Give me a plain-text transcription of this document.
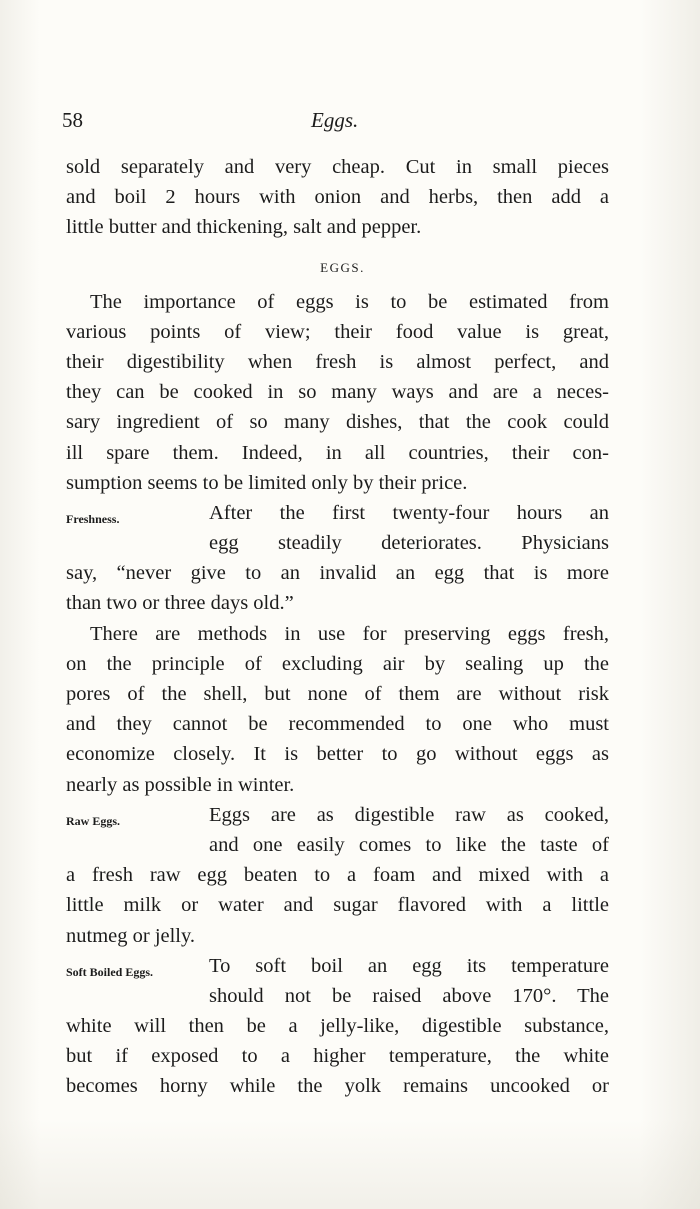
58	Eggs.
sold separately and very cheap. Cut in small pieces
and boil 2 hours with onion and herbs, then add a
little butter and thickening, salt and pepper.
EGGS.
The importance of eggs is to be estimated from
various points of view; their food value is great,
their digestibility when fresh is almost perfect, and
they can be cooked in so many ways and are a neces-
sary ingredient of so many dishes, that the cook could
ill spare them. Indeed, in all countries, their con-
sumption seems to be limited only by their price.
Freshness.	After the first twenty-four hours an
egg steadily deteriorates. Physicians
say, “never give to an invalid an egg that is more
than two or three days old.”
There are methods in use for preserving eggs fresh,
on the principle of excluding air by sealing up the
pores of the shell, but none of them are without risk
and they cannot be recommended to one who must
economize closely. It is better to go without eggs as
nearly as possible in winter.
Raw Eggs.	Eggs are as digestible raw as cooked,
and one easily comes to like the taste of
a fresh raw egg beaten to a foam and mixed with a
little milk or water and sugar flavored with a little
nutmeg or jelly.
Soft Boiled Eggs.	To soft boil an egg its temperature
should not be raised above 170°. The
white will then be a jelly-like, digestible substance,
but if exposed to a higher temperature, the white
becomes horny while the yolk remains uncooked or
